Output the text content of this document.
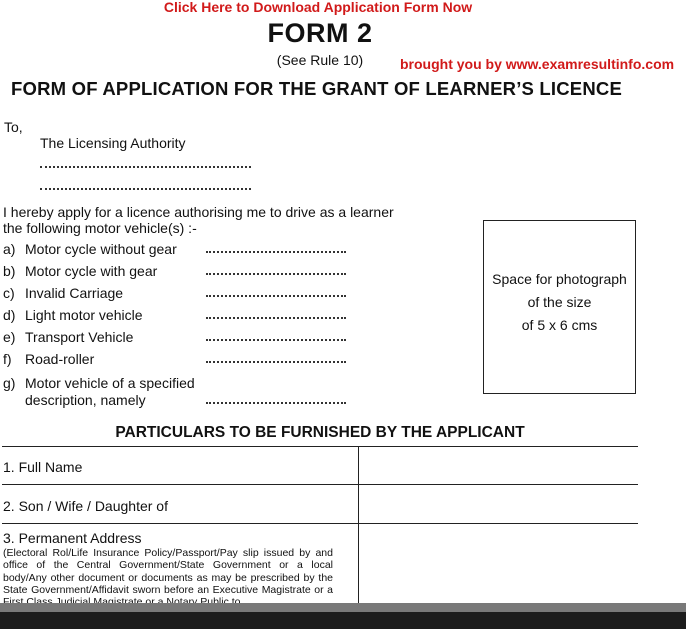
Click Here to Download Application Form Now
FORM 2
(See Rule 10)	brought you by www.examresultinfo.com
FORM OF APPLICATION FOR THE GRANT OF LEARNER’S LICENCE
To,
The Licensing Authority
I hereby apply for a licence authorising me to drive as a learner
the following motor vehicle(s) :-
a) Motor cycle without gear
b) Motor cycle with gear
c) Invalid Carriage
d) Light motor vehicle
e) Transport Vehicle
f) Road-roller
g) Motor vehicle of a specified
description, namely
Space for photograph
of the size
of 5 x 6 cms
PARTICULARS TO BE FURNISHED BY THE APPLICANT
1. Full Name
2. Son / Wife / Daughter of
3. Permanent Address
(Electoral Rol/Life Insurance Policy/Passport/Pay slip issued by and office of the Central Government/State Government or a local body/Any other document or documents as may be prescribed by the State Government/Affidavit sworn before an Executive Magistrate or a
